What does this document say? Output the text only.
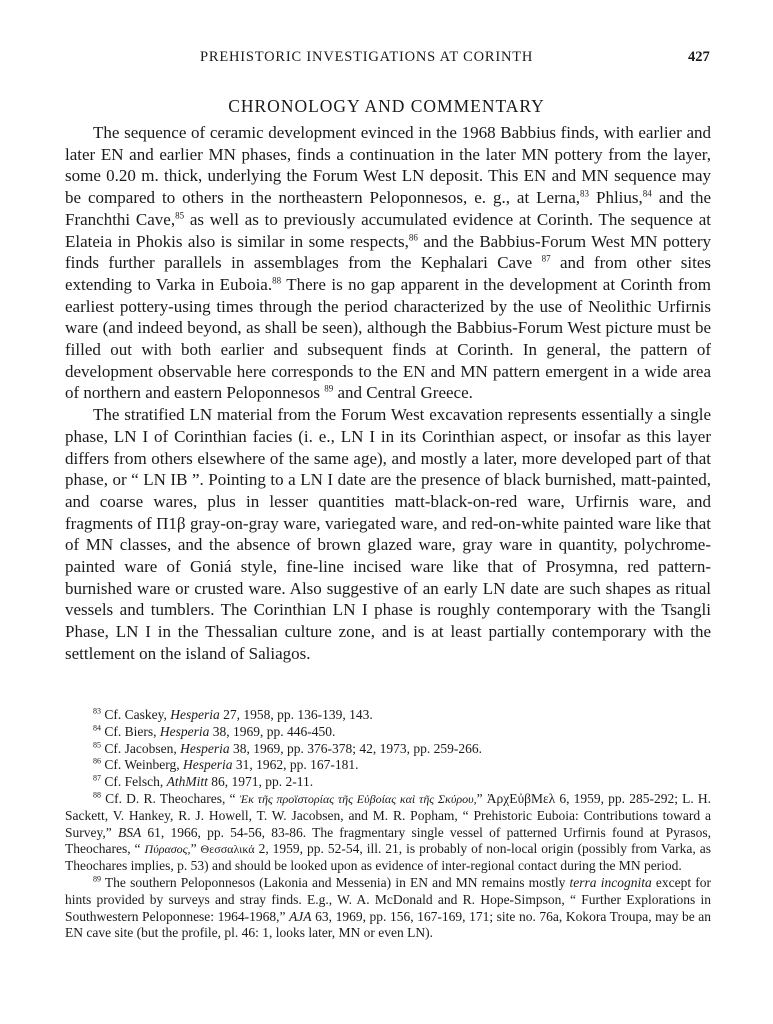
PREHISTORIC INVESTIGATIONS AT CORINTH	427
CHRONOLOGY AND COMMENTARY

The sequence of ceramic development evinced in the 1968 Babbius finds, with earlier and later EN and earlier MN phases, finds a continuation in the later MN pottery from the layer, some 0.20 m. thick, underlying the Forum West LN deposit. This EN and MN sequence may be compared to others in the northeastern Peloponnesos, e. g., at Lerna,$^{83}$ Phlius,$^{84}$ and the Franchthi Cave,$^{85}$ as well as to previously accumulated evidence at Corinth. The sequence at Elateia in Phokis also is similar in some respects,$^{86}$ and the Babbius-Forum West MN pottery finds further parallels in assemblages from the Kephalari Cave $^{87}$ and from other sites extending to Varka in Euboia.$^{88}$ There is no gap apparent in the development at Corinth from earliest pottery-using times through the period characterized by the use of Neolithic Urfirnis ware (and indeed beyond, as shall be seen), although the Babbius-Forum West picture must be filled out with both earlier and subsequent finds at Corinth. In general, the pattern of development observable here corresponds to the EN and MN pattern emergent in a wide area of northern and eastern Peloponnesos $^{89}$ and Central Greece.

The stratified LN material from the Forum West excavation represents essentially a single phase, LN I of Corinthian facies (i. e., LN I in its Corinthian aspect, or insofar as this layer differs from others elsewhere of the same age), and mostly a later, more developed part of that phase, or “ LN IB ”. Pointing to a LN I date are the presence of black burnished, matt-painted, and coarse wares, plus in lesser quantities matt-black-on-red ware, Urfirnis ware, and fragments of Π1β gray-on-gray ware, variegated ware, and red-on-white painted ware like that of MN classes, and the absence of brown glazed ware, gray ware in quantity, polychrome-painted ware of Goniá style, fine-line incised ware like that of Prosymna, red pattern-burnished ware or crusted ware. Also suggestive of an early LN date are such shapes as ritual vessels and tumblers. The Corinthian LN I phase is roughly contemporary with the Tsangli Phase, LN I in the Thessalian culture zone, and is at least partially contemporary with the settlement on the island of Saliagos.

$^{83}$ Cf. Caskey, Hesperia 27, 1958, pp. 136-139, 143.

$^{84}$ Cf. Biers, Hesperia 38, 1969, pp. 446-450.

$^{85}$ Cf. Jacobsen, Hesperia 38, 1969, pp. 376-378; 42, 1973, pp. 259-266.

$^{86}$ Cf. Weinberg, Hesperia 31, 1962, pp. 167-181.

$^{87}$ Cf. Felsch, AthMitt 86, 1971, pp. 2-11.

$^{88}$ Cf. D. R. Theochares, “ Ἐκ τῆς προϊστορίας τῆς Εὐβοίας καὶ τῆς Σκύρου,” ἈρχΕὐβΜελ 6, 1959, pp. 285-292; L. H. Sackett, V. Hankey, R. J. Howell, T. W. Jacobsen, and M. R. Popham, “ Prehistoric Euboia: Contributions toward a Survey,” BSA 61, 1966, pp. 54-56, 83-86. The fragmentary single vessel of patterned Urfirnis found at Pyrasos, Theochares, “ Πύρασος,” Θεσσαλικά 2, 1959, pp. 52-54, ill. 21, is probably of non-local origin (possibly from Varka, as Theochares implies, p. 53) and should be looked upon as evidence of inter-regional contact during the MN period.

$^{89}$ The southern Peloponnesos (Lakonia and Messenia) in EN and MN remains mostly terra incognita except for hints provided by surveys and stray finds. E.g., W. A. McDonald and R. Hope-Simpson, “ Further Explorations in Southwestern Peloponnese: 1964-1968,” AJA 63, 1969, pp. 156, 167-169, 171; site no. 76a, Kokora Troupa, may be an EN cave site (but the profile, pl. 46: 1, looks later, MN or even LN).
